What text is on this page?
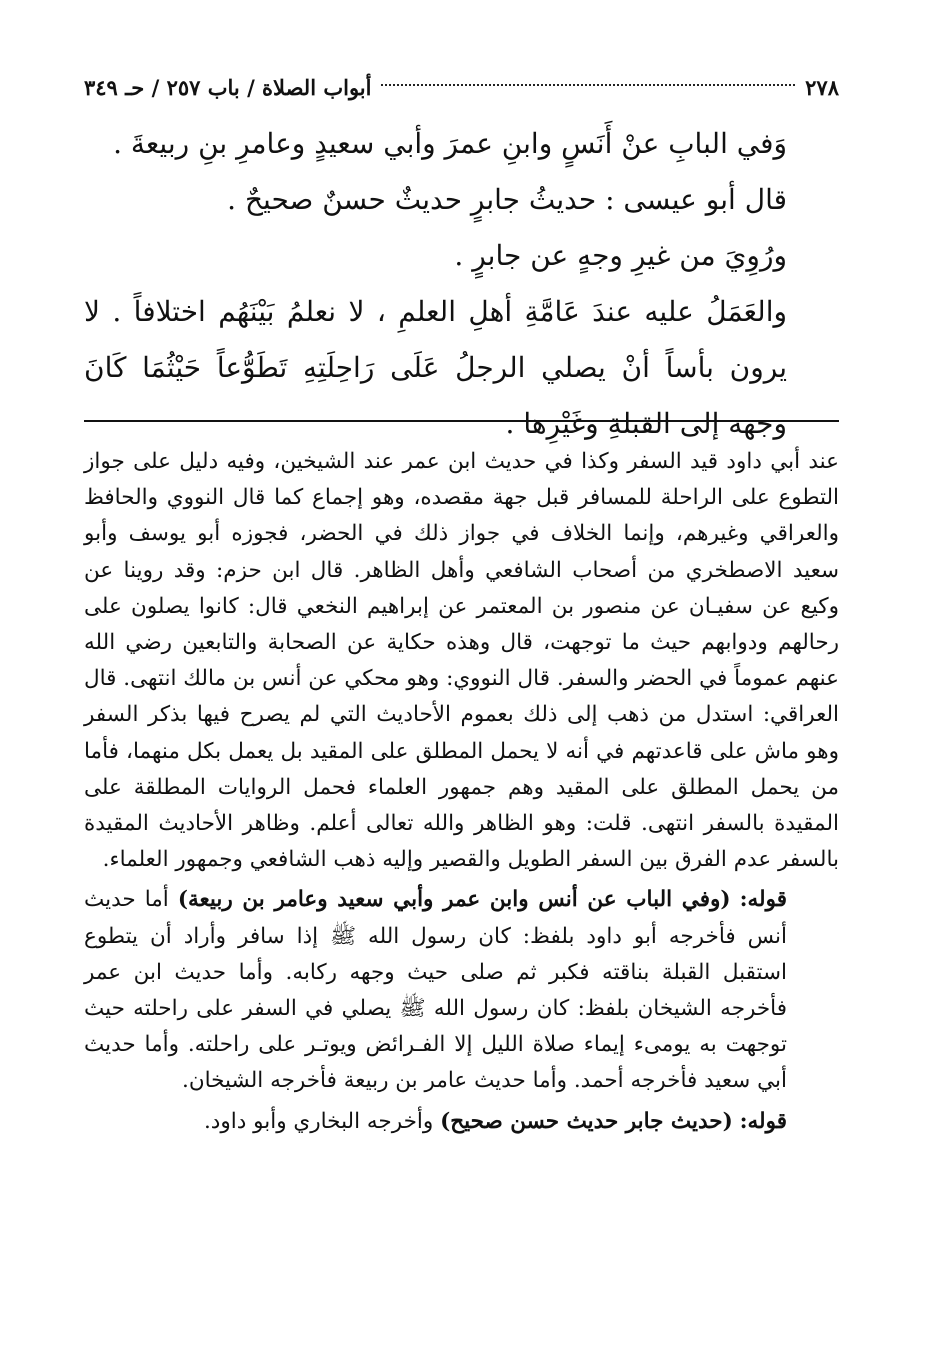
٢٧٨
أبواب الصلاة / باب ٢٥٧ / حـ ٣٤٩

وَفي البابِ عنْ أَنَسٍ وابنِ عمرَ وأبي سعيدٍ وعامرِ بنِ ربيعةَ .

قال أبو عيسى : حديثُ جابرٍ حديثٌ حسنٌ صحيحٌ .

ورُوِيَ من غيرِ وجهٍ عن جابرٍ .

والعَمَلُ عليه عندَ عَامَّةِ أهلِ العلمِ ، لا نعلمُ بَيْنَهُم اختلافاً . لا يرون بأساً أنْ يصلي الرجلُ عَلَى رَاحِلَتِهِ تَطَوُّعاً حَيْثُمَا كَانَ وجهه إلى القبلةِ وغَيْرِها .

عند أبي داود قيد السفر وكذا في حديث ابن عمر عند الشيخين، وفيه دليل على جواز التطوع على الراحلة للمسافر قبل جهة مقصده، وهو إجماع كما قال النووي والحافظ والعراقي وغيرهم، وإنما الخلاف في جواز ذلك في الحضر، فجوزه أبو يوسف وأبو سعيد الاصطخري من أصحاب الشافعي وأهل الظاهر. قال ابن حزم: وقد روينا عن وكيع عن سفيـان عن منصور بن المعتمر عن إبراهيم النخعي قال: كانوا يصلون على رحالهم ودوابهم حيث ما توجهت، قال وهذه حكاية عن الصحابة والتابعين رضي الله عنهم عموماً في الحضر والسفر. قال النووي: وهو محكي عن أنس بن مالك انتهى. قال العراقي: استدل من ذهب إلى ذلك بعموم الأحاديث التي لم يصرح فيها بذكر السفر وهو ماش على قاعدتهم في أنه لا يحمل المطلق على المقيد بل يعمل بكل منهما، فأما من يحمل المطلق على المقيد وهم جمهور العلماء فحمل الروايات المطلقة على المقيدة بالسفر انتهى. قلت: وهو الظاهر والله تعالى أعلم. وظاهر الأحاديث المقيدة بالسفر عدم الفرق بين السفر الطويل والقصير وإليه ذهب الشافعي وجمهور العلماء.

قوله: (وفي الباب عن أنس وابن عمر وأبي سعيد وعامر بن ربيعة) أما حديث أنس فأخرجه أبو داود بلفظ: كان رسول الله ﷺ إذا سافر وأراد أن يتطوع استقبل القبلة بناقته فكبر ثم صلى حيث وجهه ركابه. وأما حديث ابن عمر فأخرجه الشيخان بلفظ: كان رسول الله ﷺ يصلي في السفر على راحلته حيث توجهت به يومىء إيماء صلاة الليل إلا الفـرائض ويوتـر على راحلته. وأما حديث أبي سعيد فأخرجه أحمد. وأما حديث عامر بن ربيعة فأخرجه الشيخان.

قوله: (حديث جابر حديث حسن صحيح) وأخرجه البخاري وأبو داود.
